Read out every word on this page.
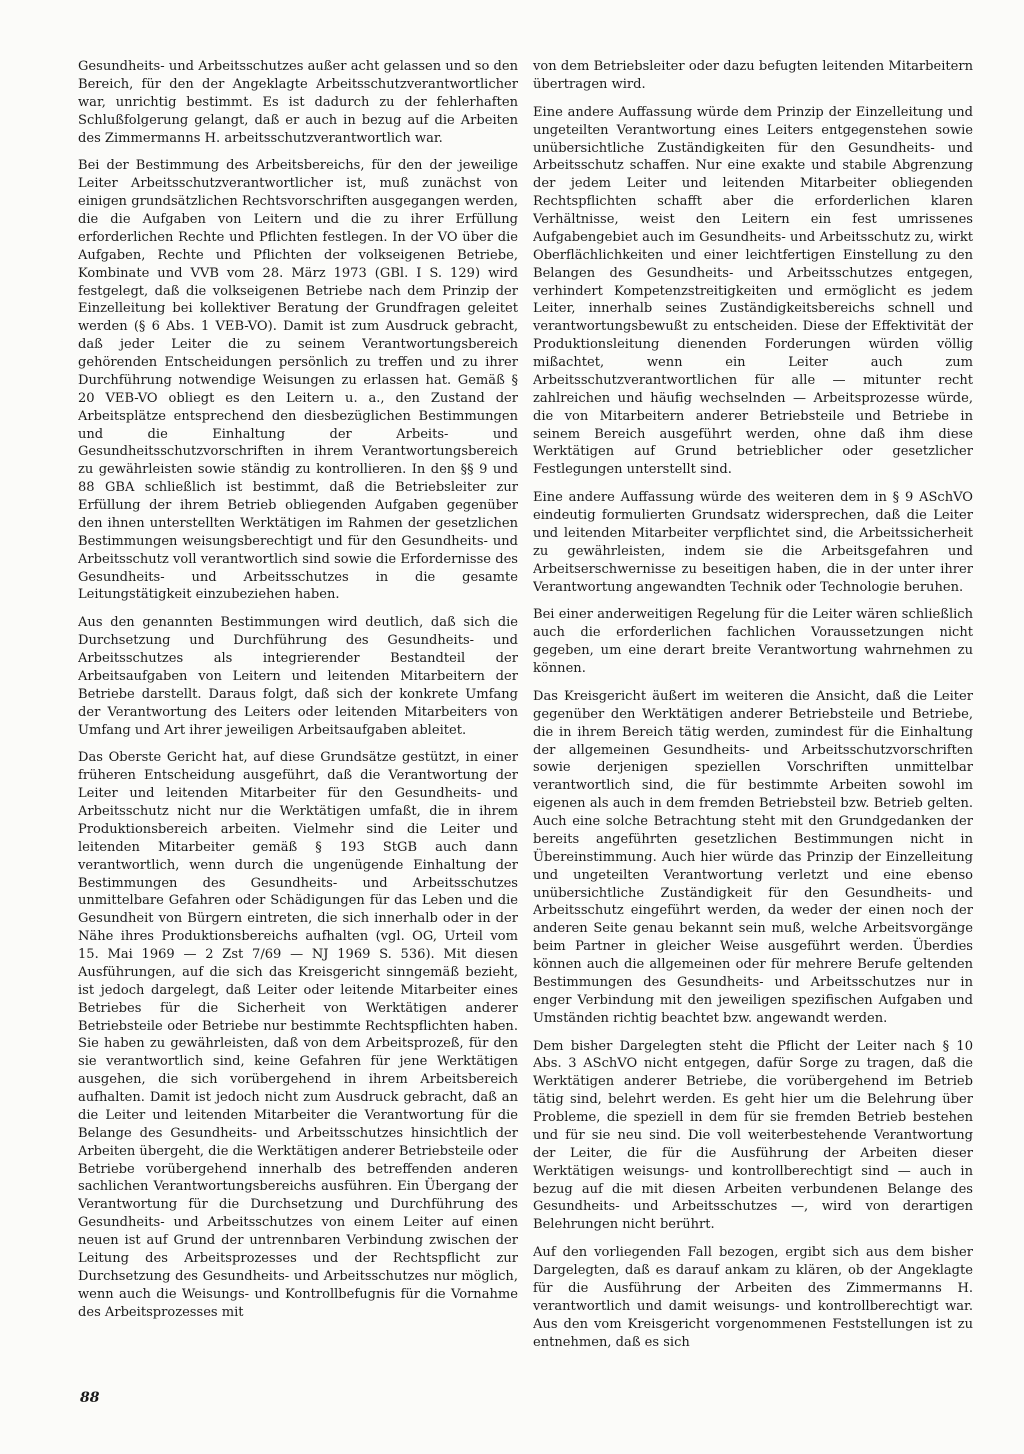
Gesundheits- und Arbeitsschutzes außer acht gelassen und so den Bereich, für den der Angeklagte Arbeitsschutzverantwortlicher war, unrichtig bestimmt. Es ist dadurch zu der fehlerhaften Schlußfolgerung gelangt, daß er auch in bezug auf die Arbeiten des Zimmermanns H. arbeitsschutzverantwortlich war.

Bei der Bestimmung des Arbeitsbereichs, für den der jeweilige Leiter Arbeitsschutzverantwortlicher ist, muß zunächst von einigen grundsätzlichen Rechtsvorschriften ausgegangen werden, die die Aufgaben von Leitern und die zu ihrer Erfüllung erforderlichen Rechte und Pflichten festlegen. In der VO über die Aufgaben, Rechte und Pflichten der volkseigenen Betriebe, Kombinate und VVB vom 28. März 1973 (GBl. I S. 129) wird festgelegt, daß die volkseigenen Betriebe nach dem Prinzip der Einzelleitung bei kollektiver Beratung der Grundfragen geleitet werden (§ 6 Abs. 1 VEB-VO). Damit ist zum Ausdruck gebracht, daß jeder Leiter die zu seinem Verantwortungsbereich gehörenden Entscheidungen persönlich zu treffen und zu ihrer Durchführung notwendige Weisungen zu erlassen hat. Gemäß § 20 VEB-VO obliegt es den Leitern u. a., den Zustand der Arbeitsplätze entsprechend den diesbezüglichen Bestimmungen und die Einhaltung der Arbeits- und Gesundheitsschutzvorschriften in ihrem Verantwortungsbereich zu gewährleisten sowie ständig zu kontrollieren. In den §§ 9 und 88 GBA schließlich ist bestimmt, daß die Betriebsleiter zur Erfüllung der ihrem Betrieb obliegenden Aufgaben gegenüber den ihnen unterstellten Werktätigen im Rahmen der gesetzlichen Bestimmungen weisungsberechtigt und für den Gesundheits- und Arbeitsschutz voll verantwortlich sind sowie die Erfordernisse des Gesundheits- und Arbeitsschutzes in die gesamte Leitungstätigkeit einzubeziehen haben.

Aus den genannten Bestimmungen wird deutlich, daß sich die Durchsetzung und Durchführung des Gesundheits- und Arbeitsschutzes als integrierender Bestandteil der Arbeitsaufgaben von Leitern und leitenden Mitarbeitern der Betriebe darstellt. Daraus folgt, daß sich der konkrete Umfang der Verantwortung des Leiters oder leitenden Mitarbeiters von Umfang und Art ihrer jeweiligen Arbeitsaufgaben ableitet.

Das Oberste Gericht hat, auf diese Grundsätze gestützt, in einer früheren Entscheidung ausgeführt, daß die Verantwortung der Leiter und leitenden Mitarbeiter für den Gesundheits- und Arbeitsschutz nicht nur die Werktätigen umfaßt, die in ihrem Produktionsbereich arbeiten. Vielmehr sind die Leiter und leitenden Mitarbeiter gemäß § 193 StGB auch dann verantwortlich, wenn durch die ungenügende Einhaltung der Bestimmungen des Gesundheits- und Arbeitsschutzes unmittelbare Gefahren oder Schädigungen für das Leben und die Gesundheit von Bürgern eintreten, die sich innerhalb oder in der Nähe ihres Produktionsbereichs aufhalten (vgl. OG, Urteil vom 15. Mai 1969 — 2 Zst 7/69 — NJ 1969 S. 536). Mit diesen Ausführungen, auf die sich das Kreisgericht sinngemäß bezieht, ist jedoch dargelegt, daß Leiter oder leitende Mitarbeiter eines Betriebes für die Sicherheit von Werktätigen anderer Betriebsteile oder Betriebe nur bestimmte Rechtspflichten haben. Sie haben zu gewährleisten, daß von dem Arbeitsprozeß, für den sie verantwortlich sind, keine Gefahren für jene Werktätigen ausgehen, die sich vorübergehend in ihrem Arbeitsbereich aufhalten. Damit ist jedoch nicht zum Ausdruck gebracht, daß an die Leiter und leitenden Mitarbeiter die Verantwortung für die Belange des Gesundheits- und Arbeitsschutzes hinsichtlich der Arbeiten übergeht, die die Werktätigen anderer Betriebsteile oder Betriebe vorübergehend innerhalb des betreffenden anderen sachlichen Verantwortungsbereichs ausführen. Ein Übergang der Verantwortung für die Durchsetzung und Durchführung des Gesundheits- und Arbeitsschutzes von einem Leiter auf einen neuen ist auf Grund der untrennbaren Verbindung zwischen der Leitung des Arbeitsprozesses und der Rechtspflicht zur Durchsetzung des Gesundheits- und Arbeitsschutzes nur möglich, wenn auch die Weisungs- und Kontrollbefugnis für die Vornahme des Arbeitsprozesses mit

von dem Betriebsleiter oder dazu befugten leitenden Mitarbeitern übertragen wird.

Eine andere Auffassung würde dem Prinzip der Einzelleitung und ungeteilten Verantwortung eines Leiters entgegenstehen sowie unübersichtliche Zuständigkeiten für den Gesundheits- und Arbeitsschutz schaffen. Nur eine exakte und stabile Abgrenzung der jedem Leiter und leitenden Mitarbeiter obliegenden Rechtspflichten schafft aber die erforderlichen klaren Verhältnisse, weist den Leitern ein fest umrissenes Aufgabengebiet auch im Gesundheits- und Arbeitsschutz zu, wirkt Oberflächlichkeiten und einer leichtfertigen Einstellung zu den Belangen des Gesundheits- und Arbeitsschutzes entgegen, verhindert Kompetenzstreitigkeiten und ermöglicht es jedem Leiter, innerhalb seines Zuständigkeitsbereichs schnell und verantwortungsbewußt zu entscheiden. Diese der Effektivität der Produktionsleitung dienenden Forderungen würden völlig mißachtet, wenn ein Leiter auch zum Arbeitsschutzverantwortlichen für alle — mitunter recht zahlreichen und häufig wechselnden — Arbeitsprozesse würde, die von Mitarbeitern anderer Betriebsteile und Betriebe in seinem Bereich ausgeführt werden, ohne daß ihm diese Werktätigen auf Grund betrieblicher oder gesetzlicher Festlegungen unterstellt sind.

Eine andere Auffassung würde des weiteren dem in § 9 ASchVO eindeutig formulierten Grundsatz widersprechen, daß die Leiter und leitenden Mitarbeiter verpflichtet sind, die Arbeitssicherheit zu gewährleisten, indem sie die Arbeitsgefahren und Arbeitserschwernisse zu beseitigen haben, die in der unter ihrer Verantwortung angewandten Technik oder Technologie beruhen.

Bei einer anderweitigen Regelung für die Leiter wären schließlich auch die erforderlichen fachlichen Voraussetzungen nicht gegeben, um eine derart breite Verantwortung wahrnehmen zu können.

Das Kreisgericht äußert im weiteren die Ansicht, daß die Leiter gegenüber den Werktätigen anderer Betriebsteile und Betriebe, die in ihrem Bereich tätig werden, zumindest für die Einhaltung der allgemeinen Gesundheits- und Arbeitsschutzvorschriften sowie derjenigen speziellen Vorschriften unmittelbar verantwortlich sind, die für bestimmte Arbeiten sowohl im eigenen als auch in dem fremden Betriebsteil bzw. Betrieb gelten. Auch eine solche Betrachtung steht mit den Grundgedanken der bereits angeführten gesetzlichen Bestimmungen nicht in Übereinstimmung. Auch hier würde das Prinzip der Einzelleitung und ungeteilten Verantwortung verletzt und eine ebenso unübersichtliche Zuständigkeit für den Gesundheits- und Arbeitsschutz eingeführt werden, da weder der einen noch der anderen Seite genau bekannt sein muß, welche Arbeitsvorgänge beim Partner in gleicher Weise ausgeführt werden. Überdies können auch die allgemeinen oder für mehrere Berufe geltenden Bestimmungen des Gesundheits- und Arbeitsschutzes nur in enger Verbindung mit den jeweiligen spezifischen Aufgaben und Umständen richtig beachtet bzw. angewandt werden.

Dem bisher Dargelegten steht die Pflicht der Leiter nach § 10 Abs. 3 ASchVO nicht entgegen, dafür Sorge zu tragen, daß die Werktätigen anderer Betriebe, die vorübergehend im Betrieb tätig sind, belehrt werden. Es geht hier um die Belehrung über Probleme, die speziell in dem für sie fremden Betrieb bestehen und für sie neu sind. Die voll weiterbestehende Verantwortung der Leiter, die für die Ausführung der Arbeiten dieser Werktätigen weisungs- und kontrollberechtigt sind — auch in bezug auf die mit diesen Arbeiten verbundenen Belange des Gesundheits- und Arbeitsschutzes —, wird von derartigen Belehrungen nicht berührt.

Auf den vorliegenden Fall bezogen, ergibt sich aus dem bisher Dargelegten, daß es darauf ankam zu klären, ob der Angeklagte für die Ausführung der Arbeiten des Zimmermanns H. verantwortlich und damit weisungs- und kontrollberechtigt war. Aus den vom Kreisgericht vorgenommenen Feststellungen ist zu entnehmen, daß es sich

88
